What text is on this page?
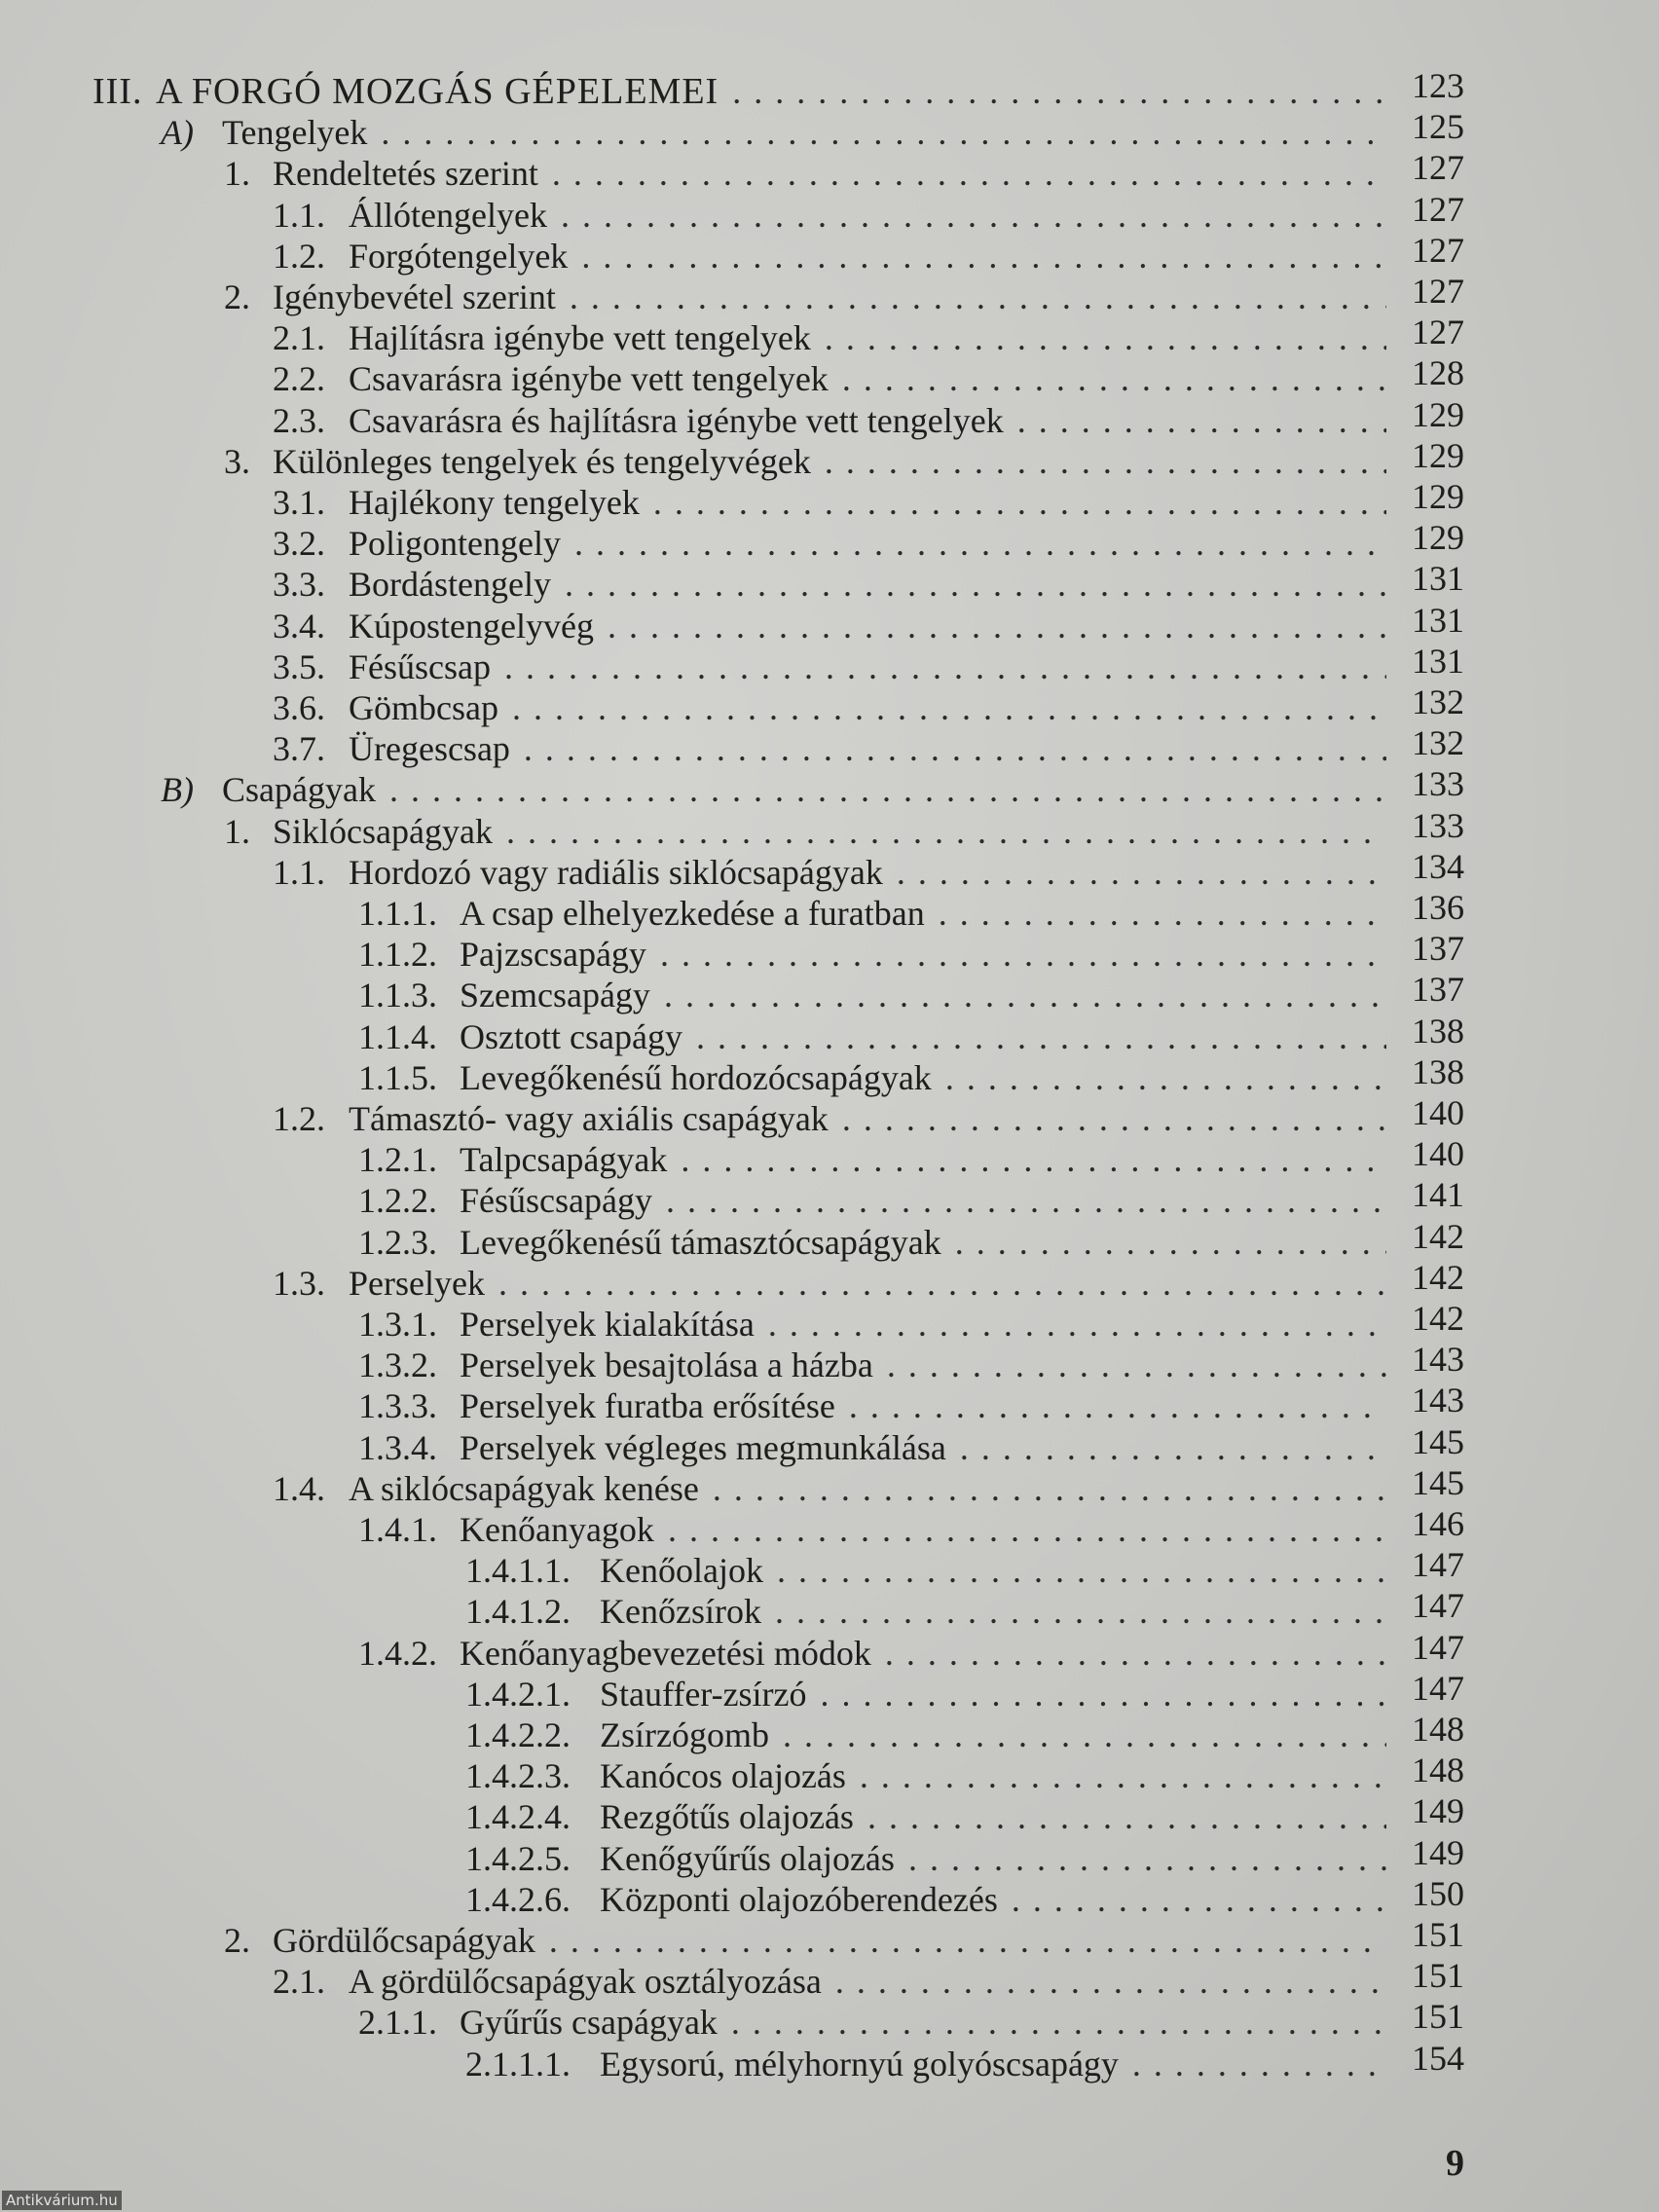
III. A FORGÓ MOZGÁS GÉPELEMEI . . .	123
A) Tengelyek . . .	125
1. Rendeltetés szerint . . .	127
1.1. Állótengelyek . . .	127
1.2. Forgótengelyek . . .	127
2. Igénybevétel szerint . . .	127
2.1. Hajlításra igénybe vett tengelyek . . .	127
2.2. Csavarásra igénybe vett tengelyek . . .	128
2.3. Csavarásra és hajlításra igénybe vett tengelyek . . .	129
3. Különleges tengelyek és tengelyvégek . . .	129
3.1. Hajlékony tengelyek . . .	129
3.2. Poligontengely . . .	129
3.3. Bordástengely . . .	131
3.4. Kúpostengelyvég . . .	131
3.5. Fésűscsap . . .	131
3.6. Gömbcsap . . .	132
3.7. Üregescsap . . .	132
B) Csapágyak . . .	133
1. Siklócsapágyak . . .	133
1.1. Hordozó vagy radiális siklócsapágyak . . .	134
1.1.1. A csap elhelyezkedése a furatban . . .	136
1.1.2. Pajzscsapágy . . .	137
1.1.3. Szemcsapágy . . .	137
1.1.4. Osztott csapágy . . .	138
1.1.5. Levegőkenésű hordozócsapágyak . . .	138
1.2. Támasztó- vagy axiális csapágyak . . .	140
1.2.1. Talpcsapágyak . . .	140
1.2.2. Fésűscsapágy . . .	141
1.2.3. Levegőkenésű támasztócsapágyak . . .	142
1.3. Perselyek . . .	142
1.3.1. Perselyek kialakítása . . .	142
1.3.2. Perselyek besajtolása a házba . . .	143
1.3.3. Perselyek furatba erősítése . . .	143
1.3.4. Perselyek végleges megmunkálása . . .	145
1.4. A siklócsapágyak kenése . . .	145
1.4.1. Kenőanyagok . . .	146
1.4.1.1. Kenőolajok . . .	147
1.4.1.2. Kenőzsírok . . .	147
1.4.2. Kenőanyagbevezetési módok . . .	147
1.4.2.1. Stauffer-zsírzó . . .	147
1.4.2.2. Zsírzógomb . . .	148
1.4.2.3. Kanócos olajozás . . .	148
1.4.2.4. Rezgőtűs olajozás . . .	149
1.4.2.5. Kenőgyűrűs olajozás . . .	149
1.4.2.6. Központi olajozóberendezés . . .	150
2. Gördülőcsapágyak . . .	151
2.1. A gördülőcsapágyak osztályozása . . .	151
2.1.1. Gyűrűs csapágyak . . .	151
2.1.1.1. Egysorú, mélyhornyú golyóscsapágy . . .	154
9
Antikvárium.hu
